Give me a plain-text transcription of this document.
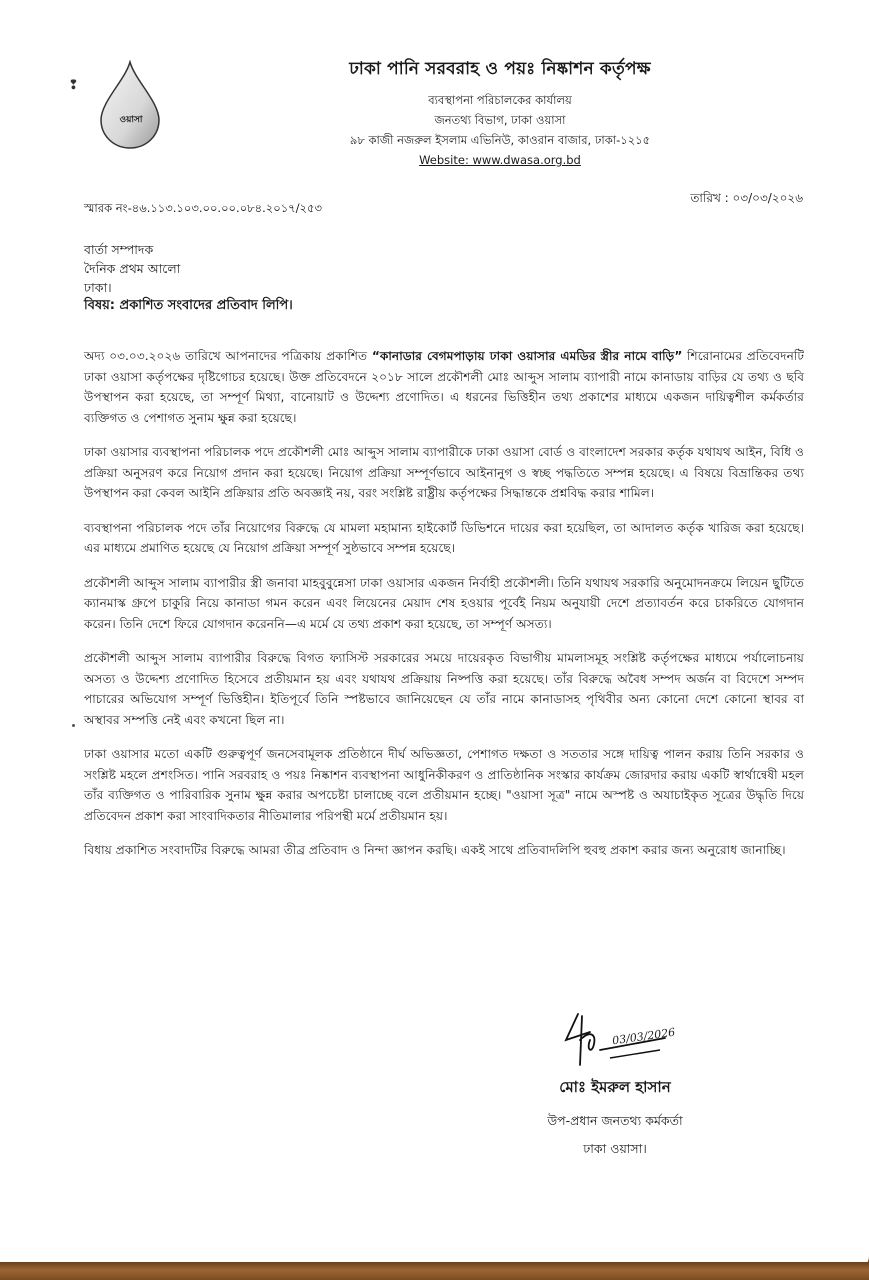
❢
ওয়াসা
ঢাকা পানি সরবরাহ ও পয়ঃ নিষ্কাশন কর্তৃপক্ষ
ব্যবস্থাপনা পরিচালকের কার্যালয়
জনতথ্য বিভাগ, ঢাকা ওয়াসা
৯৮ কাজী নজরুল ইসলাম এভিনিউ, কাওরান বাজার, ঢাকা-১২১৫
Website: www.dwasa.org.bd
তারিখ : ০৩/০৩/২০২৬
স্মারক নং-৪৬.১১৩.১০৩.০০.০০.০৮৪.২০১৭/২৫৩
বার্তা সম্পাদক
দৈনিক প্রথম আলো
ঢাকা।
বিষয়: প্রকাশিত সংবাদের প্রতিবাদ লিপি।

অদ্য ০৩.০৩.২০২৬ তারিখে আপনাদের পত্রিকায় প্রকাশিত “কানাডার বেগমপাড়ায় ঢাকা ওয়াসার এমডির স্ত্রীর নামে বাড়ি” শিরোনামের প্রতিবেদনটি ঢাকা ওয়াসা কর্তৃপক্ষের দৃষ্টিগোচর হয়েছে। উক্ত প্রতিবেদনে ২০১৮ সালে প্রকৌশলী মোঃ আব্দুস সালাম ব্যাপারী নামে কানাডায় বাড়ির যে তথ্য ও ছবি উপস্থাপন করা হয়েছে, তা সম্পূর্ণ মিথ্যা, বানোয়াট ও উদ্দেশ্য প্রণোদিত। এ ধরনের ভিত্তিহীন তথ্য প্রকাশের মাধ্যমে একজন দায়িত্বশীল কর্মকর্তার ব্যক্তিগত ও পেশাগত সুনাম ক্ষুন্ন করা হয়েছে।

ঢাকা ওয়াসার ব্যবস্থাপনা পরিচালক পদে প্রকৌশলী মোঃ আব্দুস সালাম ব্যাপারীকে ঢাকা ওয়াসা বোর্ড ও বাংলাদেশ সরকার কর্তৃক যথাযথ আইন, বিধি ও প্রক্রিয়া অনুসরণ করে নিয়োগ প্রদান করা হয়েছে। নিয়োগ প্রক্রিয়া সম্পূর্ণভাবে আইনানুগ ও স্বচ্ছ পদ্ধতিতে সম্পন্ন হয়েছে। এ বিষয়ে বিভ্রান্তিকর তথ্য উপস্থাপন করা কেবল আইনি প্রক্রিয়ার প্রতি অবজ্ঞাই নয়, বরং সংশ্লিষ্ট রাষ্ট্রীয় কর্তৃপক্ষের সিদ্ধান্তকে প্রশ্নবিদ্ধ করার শামিল।

ব্যবস্থাপনা পরিচালক পদে তাঁর নিয়োগের বিরুদ্ধে যে মামলা মহামান্য হাইকোর্ট ডিভিশনে দায়ের করা হয়েছিল, তা আদালত কর্তৃক খারিজ করা হয়েছে। এর মাধ্যমে প্রমাণিত হয়েছে যে নিয়োগ প্রক্রিয়া সম্পূর্ণ সুষ্ঠভাবে সম্পন্ন হয়েছে।

প্রকৌশলী আব্দুস সালাম ব্যাপারীর স্ত্রী জনাবা মাহবুবুন্নেসা ঢাকা ওয়াসার একজন নির্বাহী প্রকৌশলী। তিনি যথাযথ সরকারি অনুমোদনক্রমে লিয়েন ছুটিতে ক্যানমাস্ক গ্রুপে চাকুরি নিয়ে কানাডা গমন করেন এবং লিয়েনের মেয়াদ শেষ হওয়ার পূর্বেই নিয়ম অনুযায়ী দেশে প্রত্যাবর্তন করে চাকরিতে যোগদান করেন। তিনি দেশে ফিরে যোগদান করেননি—এ মর্মে যে তথ্য প্রকাশ করা হয়েছে, তা সম্পূর্ণ অসত্য।

প্রকৌশলী আব্দুস সালাম ব্যাপারীর বিরুদ্ধে বিগত ফ্যাসিস্ট সরকারের সময়ে দায়েরকৃত বিভাগীয় মামলাসমূহ সংশ্লিষ্ট কর্তৃপক্ষের মাধ্যমে পর্যালোচনায় অসত্য ও উদ্দেশ্য প্রণোদিত হিসেবে প্রতীয়মান হয় এবং যথাযথ প্রক্রিয়ায় নিষ্পত্তি করা হয়েছে। তাঁর বিরুদ্ধে অবৈধ সম্পদ অর্জন বা বিদেশে সম্পদ পাচারের অভিযোগ সম্পূর্ণ ভিত্তিহীন। ইতিপূর্বে তিনি স্পষ্টভাবে জানিয়েছেন যে তাঁর নামে কানাডাসহ পৃথিবীর অন্য কোনো দেশে কোনো স্থাবর বা অস্থাবর সম্পত্তি নেই এবং কখনো ছিল না।

ঢাকা ওয়াসার মতো একটি গুরুত্বপূর্ণ জনসেবামূলক প্রতিষ্ঠানে দীর্ঘ অভিজ্ঞতা, পেশাগত দক্ষতা ও সততার সঙ্গে দায়িত্ব পালন করায় তিনি সরকার ও সংশ্লিষ্ট মহলে প্রশংসিত। পানি সরবরাহ ও পয়ঃ নিষ্কাশন ব্যবস্থাপনা আধুনিকীকরণ ও প্রাতিষ্ঠানিক সংস্কার কার্যক্রম জোরদার করায় একটি স্বার্থান্বেষী মহল তাঁর ব্যক্তিগত ও পারিবারিক সুনাম ক্ষুন্ন করার অপচেষ্টা চালাচ্ছে বলে প্রতীয়মান হচ্ছে। "ওয়াসা সূত্র" নামে অস্পষ্ট ও অযাচাইকৃত সূত্রের উদ্ধৃতি দিয়ে প্রতিবেদন প্রকাশ করা সাংবাদিকতার নীতিমালার পরিপন্থী মর্মে প্রতীয়মান হয়।

বিধায় প্রকাশিত সংবাদটির বিরুদ্ধে আমরা তীব্র প্রতিবাদ ও নিন্দা জ্ঞাপন করছি। একই সাথে প্রতিবাদলিপি হুবহু প্রকাশ করার জন্য অনুরোধ জানাচ্ছি।

03/03/2026
মোঃ ইমরুল হাসান
উপ-প্রধান জনতথ্য কর্মকর্তা
ঢাকা ওয়াসা।
